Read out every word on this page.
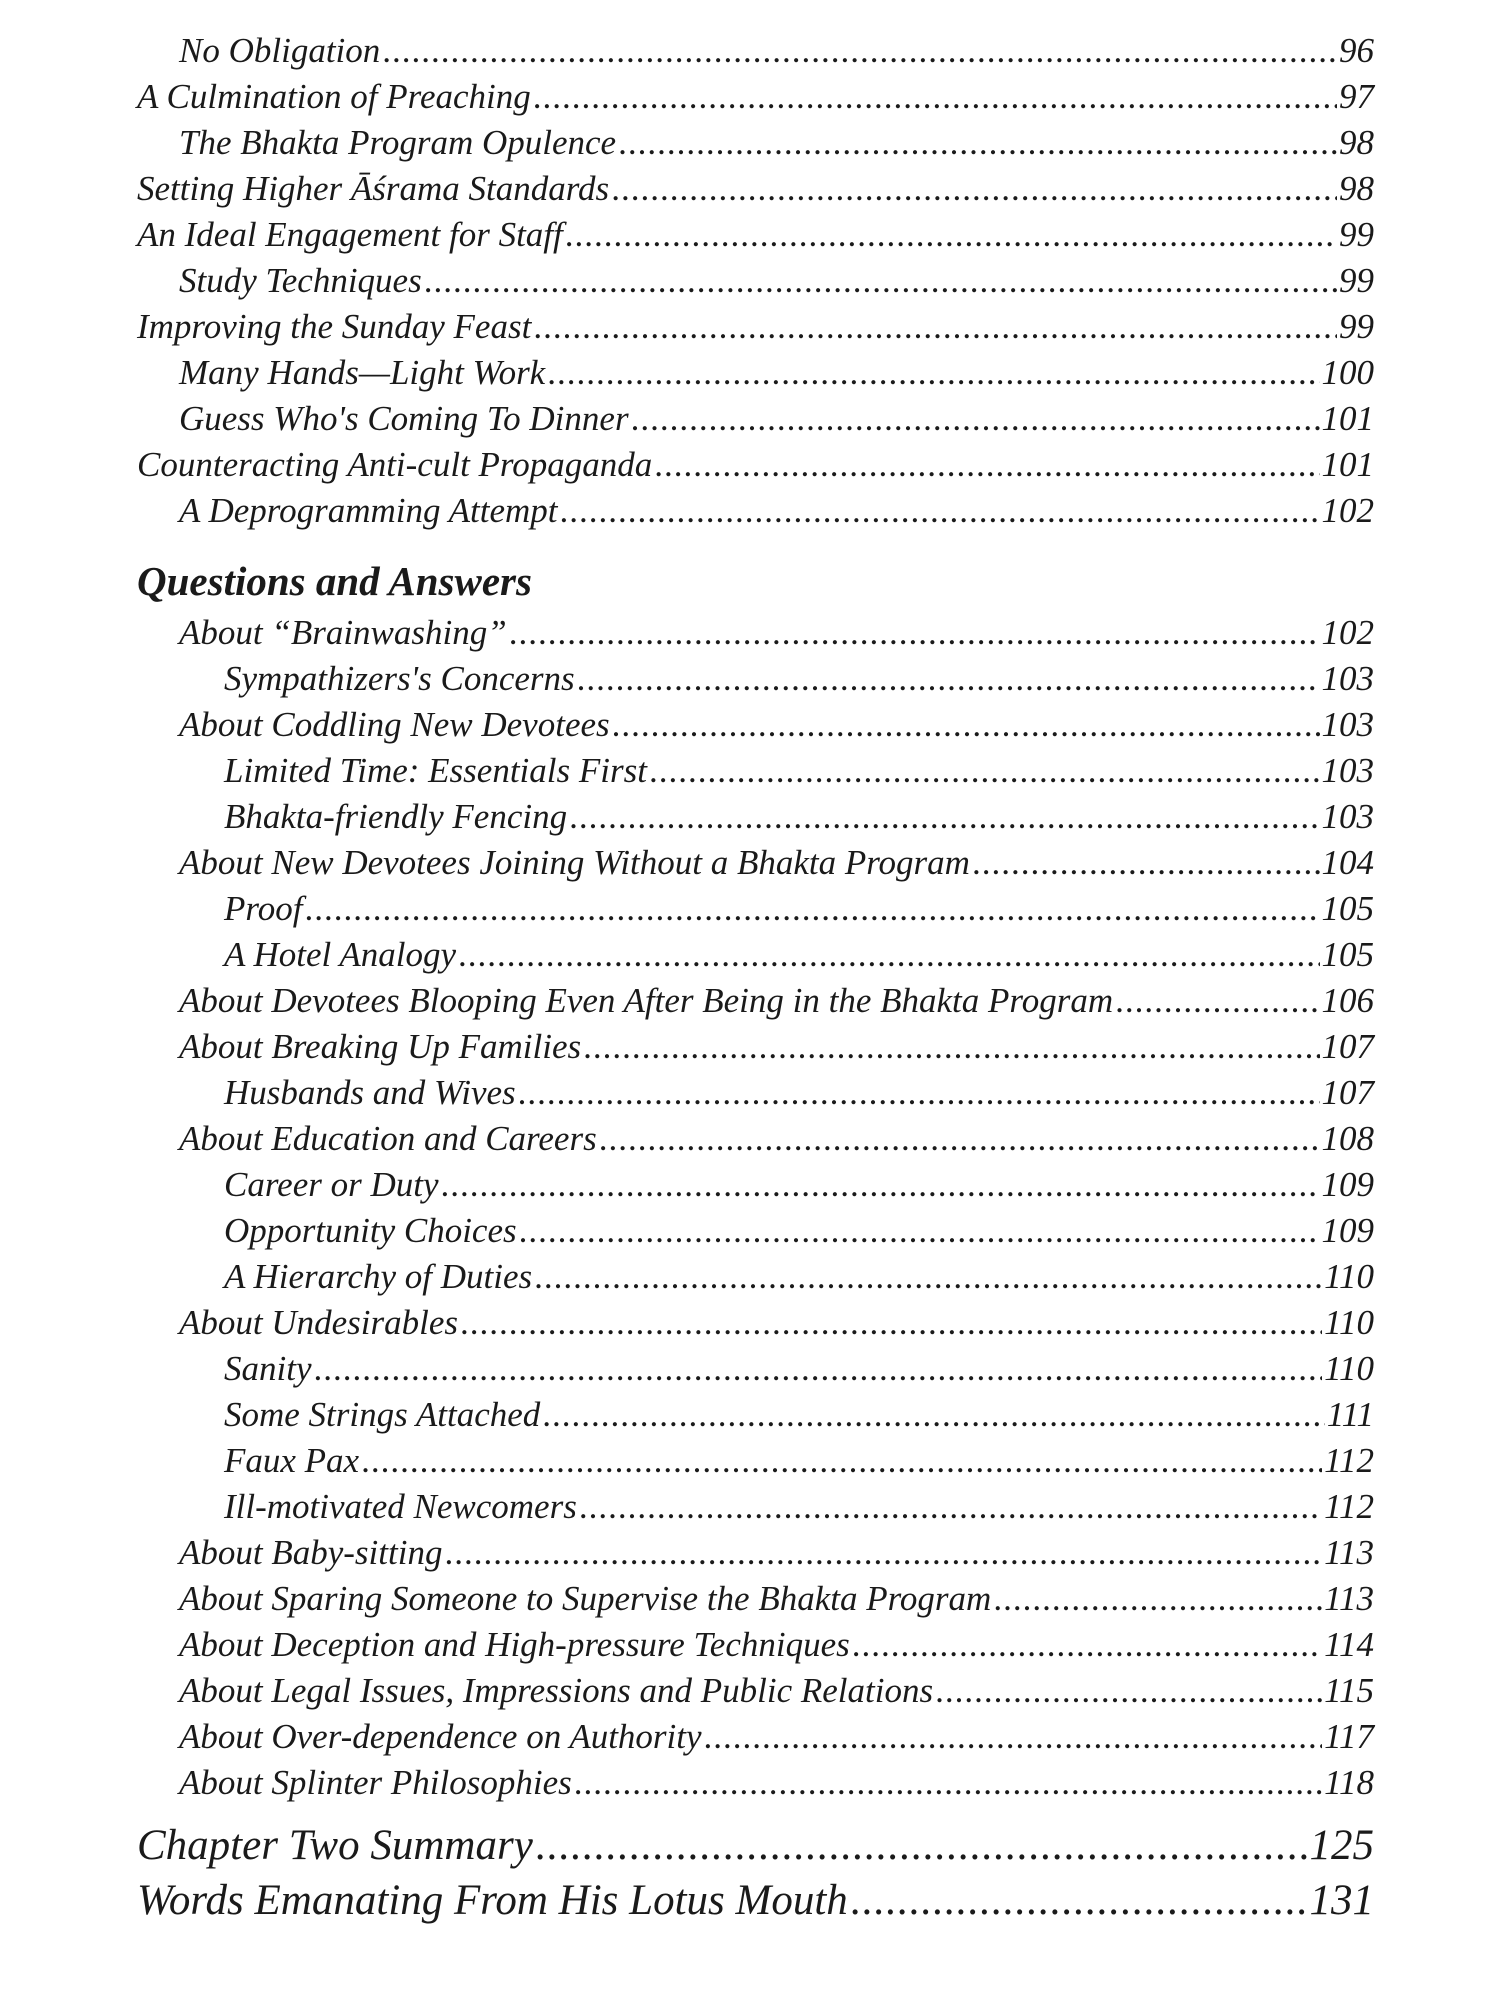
No Obligation .....	96
A Culmination of Preaching .....	97
The Bhakta Program Opulence .....	98
Setting Higher Āśrama Standards .....	98
An Ideal Engagement for Staff .....	99
Study Techniques .....	99
Improving the Sunday Feast .....	99
Many Hands—Light Work .....	100
Guess Who's Coming To Dinner .....	101
Counteracting Anti-cult Propaganda .....	101
A Deprogramming Attempt .....	102
Questions and Answers
About “Brainwashing” .....	102
Sympathizers's Concerns .....	103
About Coddling New Devotees .....	103
Limited Time: Essentials First .....	103
Bhakta-friendly Fencing .....	103
About New Devotees Joining Without a Bhakta Program .....	104
Proof .....	105
A Hotel Analogy .....	105
About Devotees Blooping Even After Being in the Bhakta Program .....	106
About Breaking Up Families .....	107
Husbands and Wives .....	107
About Education and Careers .....	108
Career or Duty .....	109
Opportunity Choices .....	109
A Hierarchy of Duties .....	110
About Undesirables .....	110
Sanity .....	110
Some Strings Attached .....	111
Faux Pax .....	112
Ill-motivated Newcomers .....	112
About Baby-sitting .....	113
About Sparing Someone to Supervise the Bhakta Program .....	113
About Deception and High-pressure Techniques .....	114
About Legal Issues, Impressions and Public Relations .....	115
About Over-dependence on Authority .....	117
About Splinter Philosophies .....	118
Chapter Two Summary .....	125
Words Emanating From His Lotus Mouth .....	131
